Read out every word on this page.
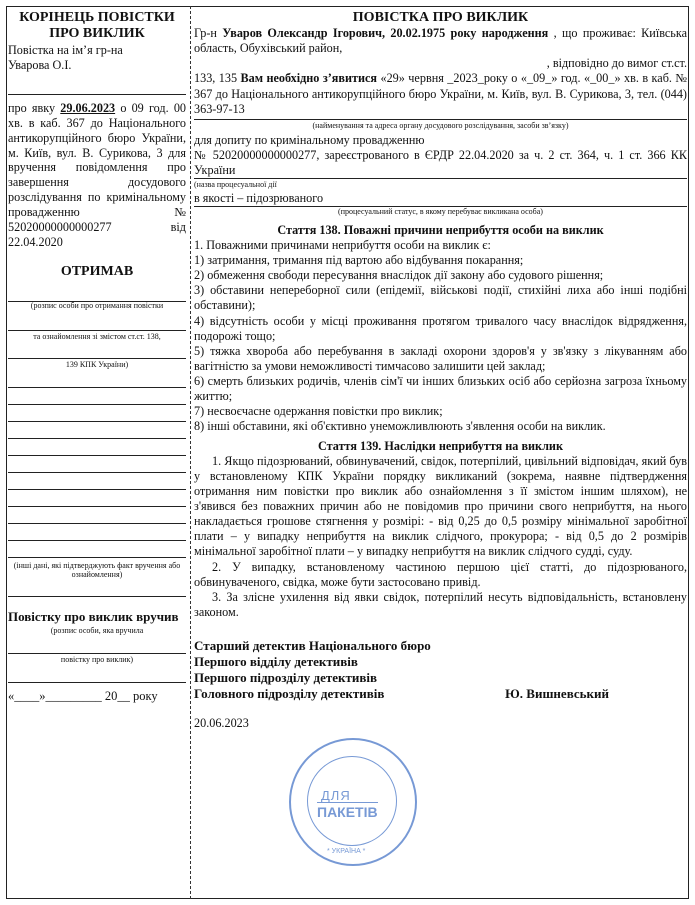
КОРІНЕЦЬ ПОВІСТКИ ПРО ВИКЛИК

Повістка на ім’я гр-на

Уварова О.І.

про явку 29.06.2023 о 09 год. 00 хв. в каб. 367 до Національного антикорупційного бюро України, м. Київ, вул. В. Сурикова, 3 для вручення повідомлення про завершення досудового розслідування по кримінальному провадженню № 52020000000000277 від 22.04.2020

ОТРИМАВ
(розпис особи про отримання повістки
та ознайомлення зі змістом ст.ст. 138,
139 КПК України)
(інші дані, які підтверджують факт вручення або ознайомлення)

Повістку про виклик вручив

(розпис особи, яка вручила
повістку про виклик)

«____»_________ 20__ року

ПОВІСТКА ПРО ВИКЛИК

Гр-н Уваров Олександр Ігорович, 20.02.1975 року народження , що проживає: Київська область, Обухівський район,

, відповідно до вимог ст.ст.

133, 135 Вам необхідно з’явитися «29» червня _2023_року о «_09_» год. «_00_» хв. в каб. № 367 до Національного антикорупційного бюро України, м. Київ, вул. В. Сурикова, 3, тел. (044) 363-97-13

(найменування та адреса органу досудового розслідування, засоби зв’язку)

для допиту по кримінальному провадженню

№ 52020000000000277, зареєстрованого в ЄРДР 22.04.2020 за ч. 2 ст. 364, ч. 1 ст. 366 КК України

(назва процесуальної дії

в якості – підозрюваного

(процесуальний статус, в якому перебуває викликана особа)

Стаття 138. Поважні причини неприбуття особи на виклик

1. Поважними причинами неприбуття особи на виклик є:

1) затримання, тримання під вартою або відбування покарання;

2) обмеження свободи пересування внаслідок дії закону або судового рішення;

3) обставини непереборної сили (епідемії, військові події, стихійні лиха або інші подібні обставини);

4) відсутність особи у місці проживання протягом тривалого часу внаслідок відрядження, подорожі тощо;

5) тяжка хвороба або перебування в закладі охорони здоров'я у зв'язку з лікуванням або вагітністю за умови неможливості тимчасово залишити цей заклад;

6) смерть близьких родичів, членів сім'ї чи інших близьких осіб або серйозна загроза їхньому життю;

7) несвоєчасне одержання повістки про виклик;

8) інші обставини, які об'єктивно унеможливлюють з'явлення особи на виклик.

Стаття 139. Наслідки неприбуття на виклик

1. Якщо підозрюваний, обвинувачений, свідок, потерпілий, цивільний відповідач, який був у встановленому КПК України порядку викликаний (зокрема, наявне підтвердження отримання ним повістки про виклик або ознайомлення з її змістом іншим шляхом), не з'явився без поважних причин або не повідомив про причини свого неприбуття, на нього накладається грошове стягнення у розмірі: - від 0,25 до 0,5 розміру мінімальної заробітної плати – у випадку неприбуття на виклик слідчого, прокурора; - від 0,5 до 2 розмірів мінімальної заробітної плати – у випадку неприбуття на виклик слідчого судді, суду.

2. У випадку, встановленому частиною першою цієї статті, до підозрюваного, обвинуваченого, свідка, може бути застосовано привід.

3. За злісне ухилення від явки свідок, потерпілий несуть відповідальність, встановлену законом.

Старший детектив Національного бюро
Першого відділу детективів
Першого підрозділу детективів
Головного підрозділу детективів	Ю. Вишневський

20.06.2023

ДЛЯ
ПАКЕТІВ
* УКРАЇНА *
